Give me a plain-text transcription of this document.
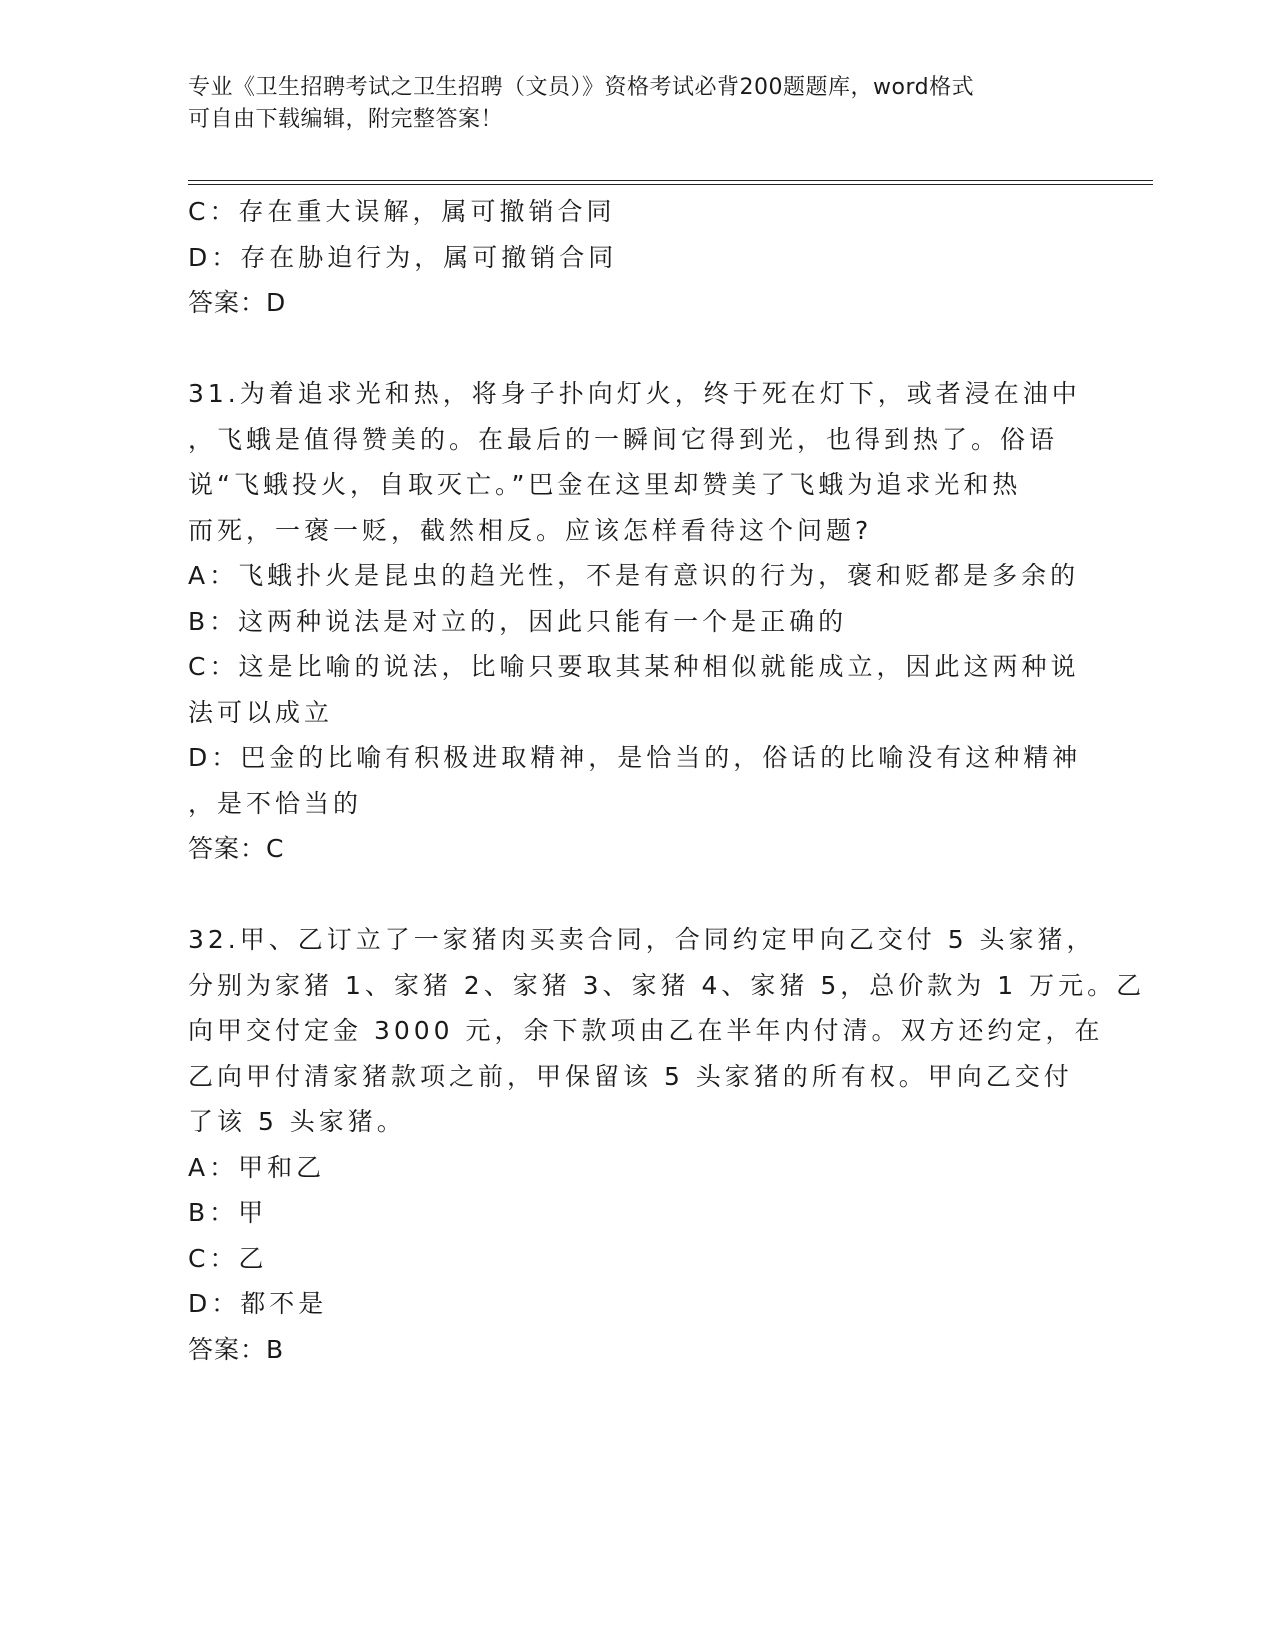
专业《卫生招聘考试之卫生招聘（文员）》资格考试必背200题题库，word格式
可自由下载编辑，附完整答案！
C：存在重大误解，属可撤销合同
D：存在胁迫行为，属可撤销合同
答案：D
31.为着追求光和热，将身子扑向灯火，终于死在灯下，或者浸在油中
，飞蛾是值得赞美的。在最后的一瞬间它得到光，也得到热了。俗语
说“飞蛾投火，自取灭亡。”巴金在这里却赞美了飞蛾为追求光和热
而死，一褒一贬，截然相反。应该怎样看待这个问题?
A：飞蛾扑火是昆虫的趋光性，不是有意识的行为，褒和贬都是多余的
B：这两种说法是对立的，因此只能有一个是正确的
C：这是比喻的说法，比喻只要取其某种相似就能成立，因此这两种说
法可以成立
D：巴金的比喻有积极进取精神，是恰当的，俗话的比喻没有这种精神
，是不恰当的
答案：C
32.甲、乙订立了一家猪肉买卖合同，合同约定甲向乙交付 5 头家猪，
分别为家猪 1、家猪 2、家猪 3、家猪 4、家猪 5，总价款为 1 万元。乙
向甲交付定金 3000 元，余下款项由乙在半年内付清。双方还约定，在
乙向甲付清家猪款项之前，甲保留该 5 头家猪的所有权。甲向乙交付
了该 5 头家猪。
A：甲和乙
B：甲
C：乙
D：都不是
答案：B
